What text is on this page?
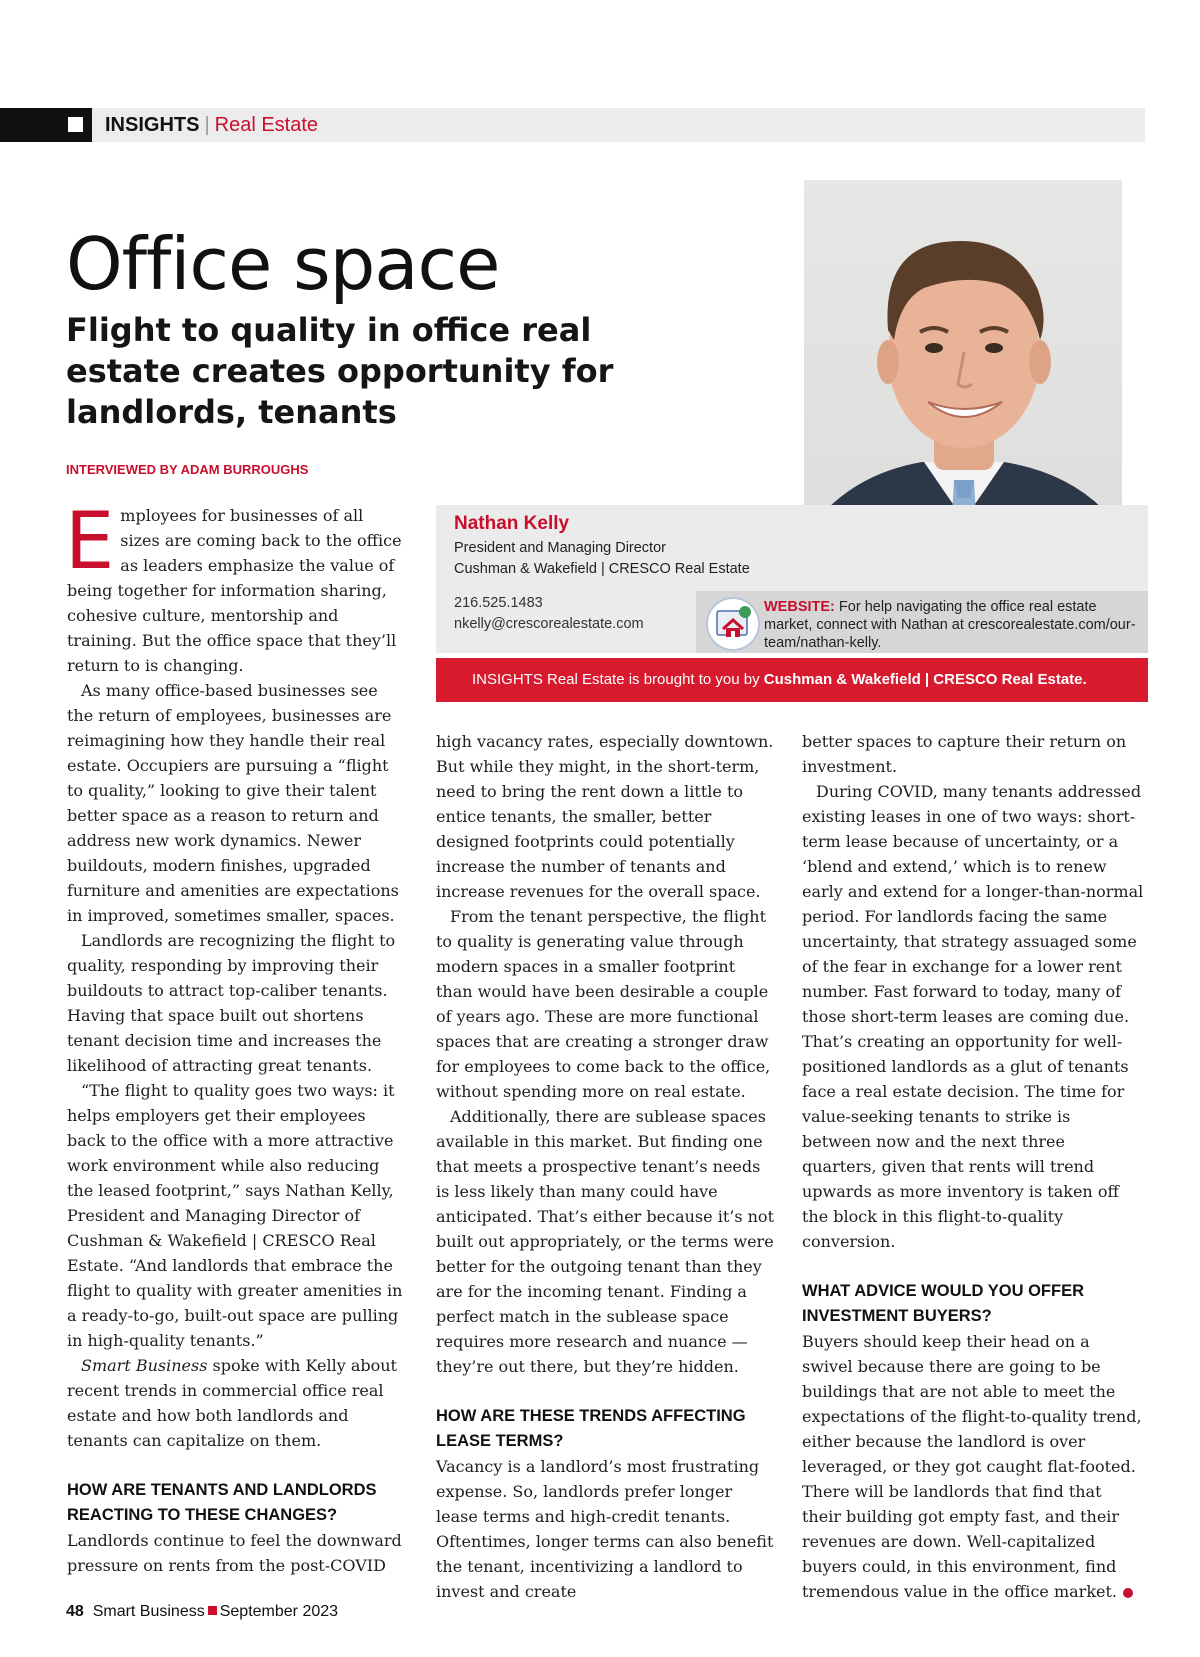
INSIGHTS | Real Estate
Office space
Flight to quality in office real estate creates opportunity for landlords, tenants
INTERVIEWED BY ADAM BURROUGHS
Nathan Kelly
President and Managing Director
Cushman & Wakefield | CRESCO Real Estate
216.525.1483
nkelly@crescorealestate.com
WEBSITE: For help navigating the office real estate market, connect with Nathan at crescorealestate.com/our-team/nathan-kelly.
INSIGHTS Real Estate is brought to you by Cushman & Wakefield | CRESCO Real Estate.

Employees for businesses of all sizes are coming back to the office as leaders emphasize the value of being together for information sharing, cohesive culture, mentorship and training. But the office space that they’ll return to is changing.

As many office-based businesses see the return of employees, businesses are reimagining how they handle their real estate. Occupiers are pursuing a “flight to quality,” looking to give their talent better space as a reason to return and address new work dynamics. Newer buildouts, modern finishes, upgraded furniture and amenities are expectations in improved, sometimes smaller, spaces.

Landlords are recognizing the flight to quality, responding by improving their buildouts to attract top-caliber tenants. Having that space built out shortens tenant decision time and increases the likelihood of attracting great tenants.

“The flight to quality goes two ways: it helps employers get their employees back to the office with a more attractive work environment while also reducing the leased footprint,” says Nathan Kelly, President and Managing Director of Cushman & Wakefield | CRESCO Real Estate. “And landlords that embrace the flight to quality with greater amenities in a ready-to-go, built-out space are pulling in high-quality tenants.”

Smart Business spoke with Kelly about recent trends in commercial office real estate and how both landlords and tenants can capitalize on them.

HOW ARE TENANTS AND LANDLORDS REACTING TO THESE CHANGES?

Landlords continue to feel the downward pressure on rents from the post-COVID

high vacancy rates, especially downtown. But while they might, in the short-term, need to bring the rent down a little to entice tenants, the smaller, better designed footprints could potentially increase the number of tenants and increase revenues for the overall space.

From the tenant perspective, the flight to quality is generating value through modern spaces in a smaller footprint than would have been desirable a couple of years ago. These are more functional spaces that are creating a stronger draw for employees to come back to the office, without spending more on real estate.

Additionally, there are sublease spaces available in this market. But finding one that meets a prospective tenant’s needs is less likely than many could have anticipated. That’s either because it’s not built out appropriately, or the terms were better for the outgoing tenant than they are for the incoming tenant. Finding a perfect match in the sublease space requires more research and nuance — they’re out there, but they’re hidden.

HOW ARE THESE TRENDS AFFECTING LEASE TERMS?

Vacancy is a landlord’s most frustrating expense. So, landlords prefer longer lease terms and high-credit tenants. Oftentimes, longer terms can also benefit the tenant, incentivizing a landlord to invest and create

better spaces to capture their return on investment.

During COVID, many tenants addressed existing leases in one of two ways: short-term lease because of uncertainty, or a ‘blend and extend,’ which is to renew early and extend for a longer-than-normal period. For landlords facing the same uncertainty, that strategy assuaged some of the fear in exchange for a lower rent number. Fast forward to today, many of those short-term leases are coming due. That’s creating an opportunity for well-positioned landlords as a glut of tenants face a real estate decision. The time for value-seeking tenants to strike is between now and the next three quarters, given that rents will trend upwards as more inventory is taken off the block in this flight-to-quality conversion.

WHAT ADVICE WOULD YOU OFFER INVESTMENT BUYERS?

Buyers should keep their head on a swivel because there are going to be buildings that are not able to meet the expectations of the flight-to-quality trend, either because the landlord is over leveraged, or they got caught flat-footed. There will be landlords that find that their building got empty fast, and their revenues are down. Well-capitalized buyers could, in this environment, find tremendous value in the office market.

48 Smart Business September 2023
